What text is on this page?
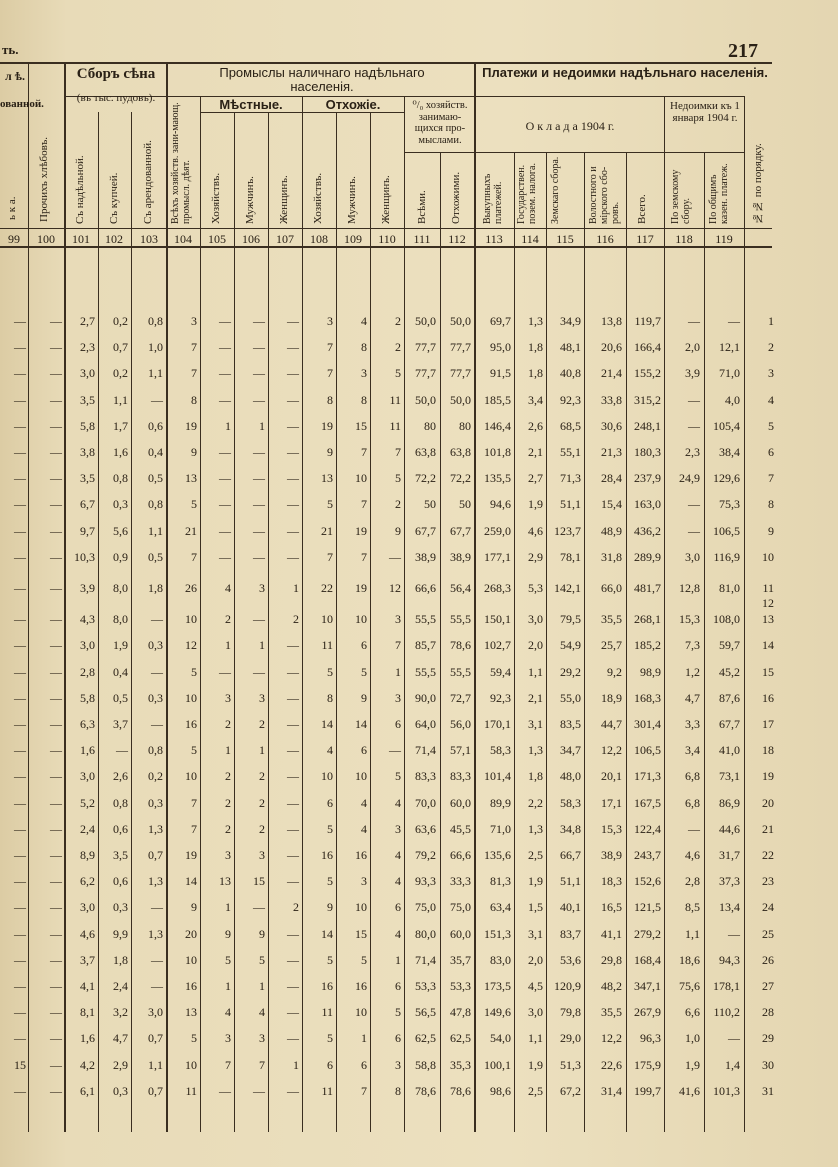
ть.	217
л ѣ.
ованной.
ь к а. Прочихъ хлѣбовъ.
Сборъ сѣна
(въ тыс. пудовъ).
Съ надѣльной. Съ купчей. Съ арендованной.
Промыслы наличнаго надѣльнаго населенія.
Всѣхъ хозяйств. зани-мающ. промысл. дѣят.
Мѣстные.	Отхожіе.
Хозяйствъ. Мужчинъ. Женщинъ. Хозяйствъ. Мужчинъ. Женщинъ.
⁰/₀ хозяйств. занимаю-щихся про-мыслами.
Всѣми. Отхожими.
Платежи и недоимки надѣльнаго населенія.
О к л а д а 1904 г.
Выкупныхъ платежей.	Государствен. позем. налога.	Земскаго сбора.	Волостного и мірского сбо-ровъ. Всего.
Недоимки къ 1 января 1904 г.
По земскому сбору.	По общимъ казен. платеж.	№№ по порядку.
99	100	101	102	103	104	105	106	107	108	109	110	111	112	113	114	115	116	117	118	119
— — 2,7 0,2 0,8 3 — — — 3 4 2 50,0 50,0 69,7 1,3 34,9 13,8 119,7 — —	1
— — 2,3 0,7 1,0 7 — — — 7 8 2 77,7 77,7 95,0 1,8 48,1 20,6 166,4 2,0 12,1	2
— — 3,0 0,2 1,1 7 — — — 7 3 5 77,7 77,7 91,5 1,8 40,8 21,4 155,2 3,9 71,0	3
— — 3,5 1,1 — 8 — — — 8 8 11 50,0 50,0 185,5 3,4 92,3 33,8 315,2 — 4,0	4
— — 5,8 1,7 0,6 19 1 1 — 19 15 11 80 80 146,4 2,6 68,5 30,6 248,1 — 105,4	5
— — 3,8 1,6 0,4 9 — — — 9 7 7 63,8 63,8 101,8 2,1 55,1 21,3 180,3 2,3 38,4	6
— — 3,5 0,8 0,5 13 — — — 13 10 5 72,2 72,2 135,5 2,7 71,3 28,4 237,9 24,9 129,6	7
— — 6,7 0,3 0,8 5 — — — 5 7 2 50 50 94,6 1,9 51,1 15,4 163,0 — 75,3	8
— — 9,7 5,6 1,1 21 — — — 21 19 9 67,7 67,7 259,0 4,6 123,7 48,9 436,2 — 106,5	9
— — 10,3 0,9 0,5 7 — — — 7 7 — 38,9 38,9 177,1 2,9 78,1 31,8 289,9 3,0 116,9	10
— — 3,9 8,0 1,8 26 4 3 1 22 19 12 66,6 56,4 268,3 5,3 142,1 66,0 481,7 12,8 81,0	11 12
— — 4,3 8,0 — 10 2 — 2 10 10 3 55,5 55,5 150,1 3,0 79,5 35,5 268,1 15,3 108,0	13
— — 3,0 1,9 0,3 12 1 1 — 11 6 7 85,7 78,6 102,7 2,0 54,9 25,7 185,2 7,3 59,7	14
— — 2,8 0,4 — 5 — — — 5 5 1 55,5 55,5 59,4 1,1 29,2 9,2 98,9 1,2 45,2	15
— — 5,8 0,5 0,3 10 3 3 — 8 9 3 90,0 72,7 92,3 2,1 55,0 18,9 168,3 4,7 87,6	16
— — 6,3 3,7 — 16 2 2 — 14 14 6 64,0 56,0 170,1 3,1 83,5 44,7 301,4 3,3 67,7	17
— — 1,6 — 0,8 5 1 1 — 4 6 — 71,4 57,1 58,3 1,3 34,7 12,2 106,5 3,4 41,0	18
— — 3,0 2,6 0,2 10 2 2 — 10 10 5 83,3 83,3 101,4 1,8 48,0 20,1 171,3 6,8 73,1	19
— — 5,2 0,8 0,3 7 2 2 — 6 4 4 70,0 60,0 89,9 2,2 58,3 17,1 167,5 6,8 86,9	20
— — 2,4 0,6 1,3 7 2 2 — 5 4 3 63,6 45,5 71,0 1,3 34,8 15,3 122,4 — 44,6	21
— — 8,9 3,5 0,7 19 3 3 — 16 16 4 79,2 66,6 135,6 2,5 66,7 38,9 243,7 4,6 31,7	22
— — 6,2 0,6 1,3 14 13 15 — 5 3 4 93,3 33,3 81,3 1,9 51,1 18,3 152,6 2,8 37,3	23
— — 3,0 0,3 — 9 1 — 2 9 10 6 75,0 75,0 63,4 1,5 40,1 16,5 121,5 8,5 13,4	24
— — 4,6 9,9 1,3 20 9 9 — 14 15 4 80,0 60,0 151,3 3,1 83,7 41,1 279,2 1,1 —	25
— — 3,7 1,8 — 10 5 5 — 5 5 1 71,4 35,7 83,0 2,0 53,6 29,8 168,4 18,6 94,3	26
— — 4,1 2,4 — 16 1 1 — 16 16 6 53,3 53,3 173,5 4,5 120,9 48,2 347,1 75,6 178,1	27
— — 8,1 3,2 3,0 13 4 4 — 11 10 5 56,5 47,8 149,6 3,0 79,8 35,5 267,9 6,6 110,2	28
— — 1,6 4,7 0,7 5 3 3 — 5 1 6 62,5 62,5 54,0 1,1 29,0 12,2 96,3 1,0 —	29
15 — 4,2 2,9 1,1 10 7 7 1 6 6 3 58,8 35,3 100,1 1,9 51,3 22,6 175,9 1,9 1,4	30
— — 6,1 0,3 0,7 11 — — — 11 7 8 78,6 78,6 98,6 2,5 67,2 31,4 199,7 41,6 101,3	31
